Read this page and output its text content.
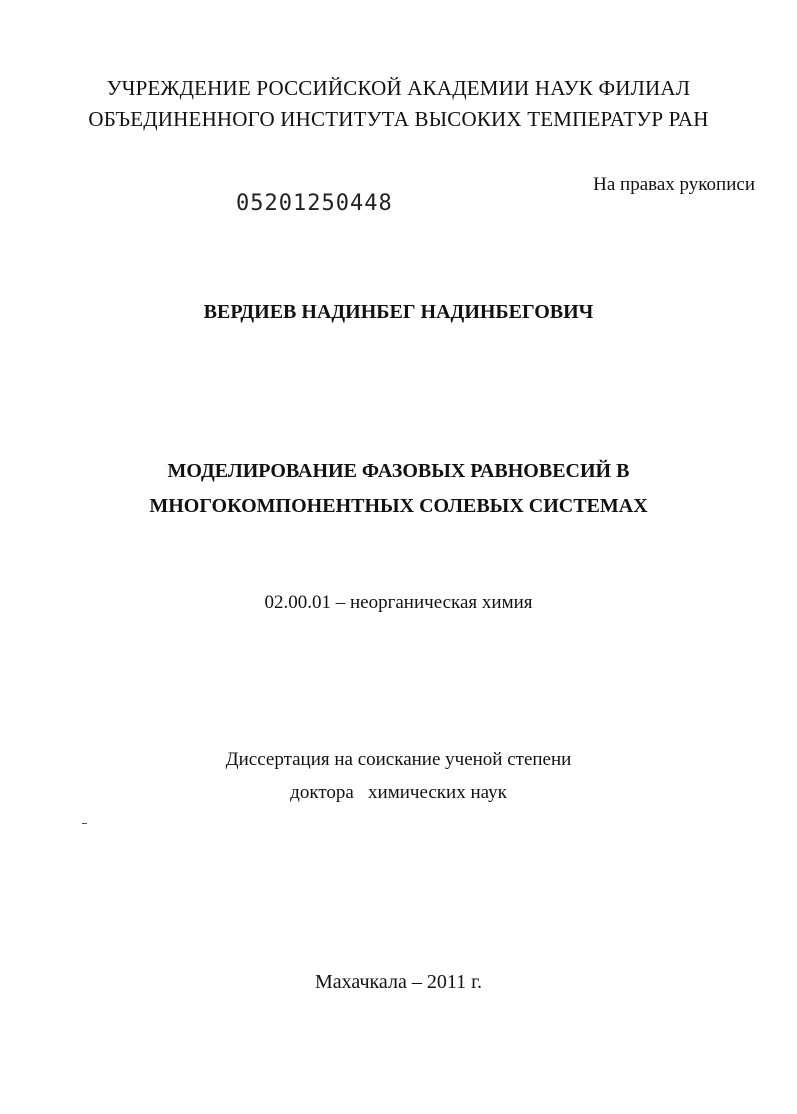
УЧРЕЖДЕНИЕ РОССИЙСКОЙ АКАДЕМИИ НАУК ФИЛИАЛ
ОБЪЕДИНЕННОГО ИНСТИТУТА ВЫСОКИХ ТЕМПЕРАТУР РАН
На правах рукописи
05201250448
ВЕРДИЕВ НАДИНБЕГ НАДИНБЕГОВИЧ
МОДЕЛИРОВАНИЕ ФАЗОВЫХ РАВНОВЕСИЙ В
МНОГОКОМПОНЕНТНЫХ СОЛЕВЫХ СИСТЕМАХ
02.00.01 – неорганическая химия
Диссертация на соискание ученой степени
доктора   химических наук
Махачкала – 2011 г.
